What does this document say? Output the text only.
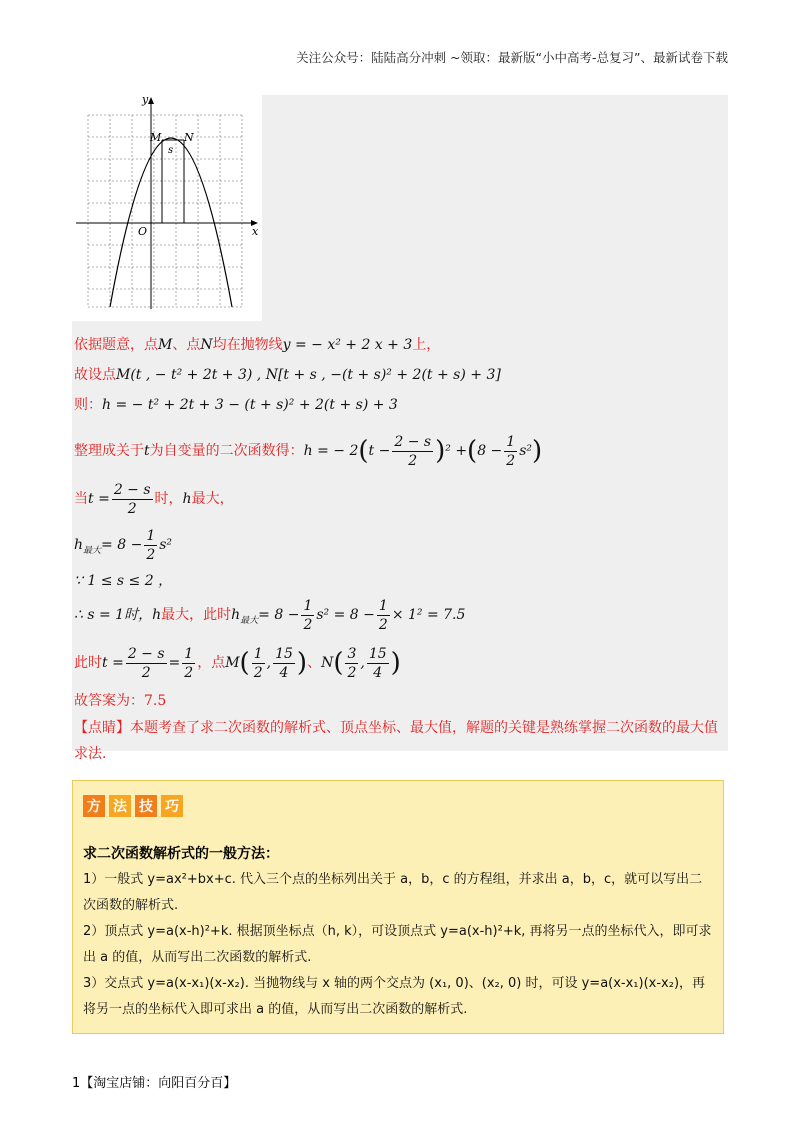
关注公众号：陆陆高分冲刺 ~领取：最新版“小中高考-总复习”、最新试卷下载
y
x
O
M N
s
依据题意，点M、点N均在抛物线y = − x² + 2 x + 3上，
故设点M(t , − t² + 2t + 3) , N[t + s , −(t + s)² + 2(t + s) + 3]
则：h = − t² + 2t + 3 − (t + s)² + 2(t + s) + 3
整理成关于t为自变量的二次函数得：h = − $2(t - \frac{2 - s}{2} )^2 +(8 - \frac{1}{2} s^2)$
当$t = \frac{2 - s}{2}$ 时，h最大，
$h_{最大}= 8 - \frac{1}{2} s^2$
∵ 1 ≤ s ≤ 2 ，
∴ s = 1时，h最大，此时$h_{最大}= 8 - \frac{1}{2} s^2 = 8 - \frac{1}{2} \times 1^2 = 7.5$
此时$t = \frac{2 - s}{2} = \frac{1}{2}$ ，点$M( \frac{1}{2}$ , $\frac{15}{4}$ )、$N( \frac{3}{2}$ , $\frac{15}{4}$ )
故答案为：7.5
【点睛】本题考查了求二次函数的解析式、顶点坐标、最大值，解题的关键是熟练掌握二次函数的最大值求法.
方 法 技 巧
求二次函数解析式的一般方法：
1）一般式 y=ax²+bx+c. 代入三个点的坐标列出关于 a，b，c 的方程组，并求出 a，b，c，就可以写出二次函数的解析式.
2）顶点式 y=a(x-h)²+k. 根据顶坐标点（h, k），可设顶点式 y=a(x-h)²+k, 再将另一点的坐标代入，即可求出 a 的值，从而写出二次函数的解析式.
3）交点式 y=a(x-x₁)(x-x₂). 当抛物线与 x 轴的两个交点为 (x₁, 0)、(x₂, 0) 时，可设 y=a(x-x₁)(x-x₂)，再将另一点的坐标代入即可求出 a 的值，从而写出二次函数的解析式.
1【淘宝店铺：向阳百分百】
